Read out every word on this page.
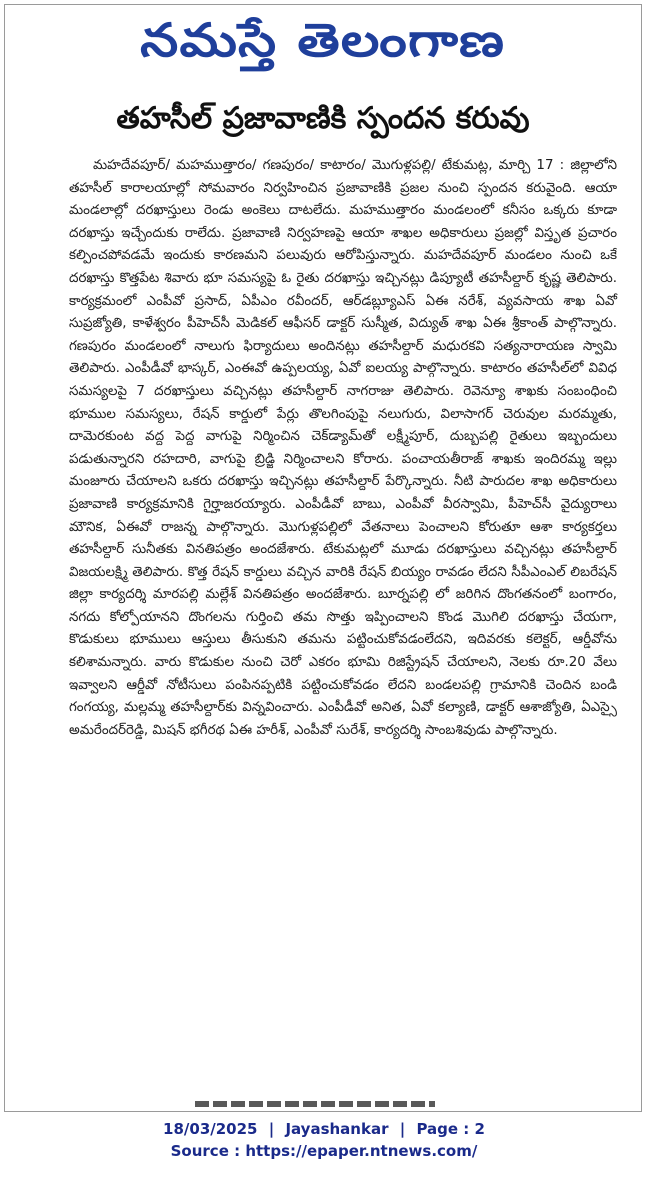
నమస్తే తెలంగాణ
తహసీల్ ప్రజావాణికి స్పందన కరువు

మహదేవపూర్/ మహముత్తారం/ గణపురం/ కాటారం/ మొగుళ్లపల్లి/ టేకుమట్ల, మార్చి 17 : జిల్లాలోని తహసీల్ కారాలయాల్లో సోమవారం నిర్వహించిన ప్రజావాణికి ప్రజల నుంచి స్పందన కరువైంది. ఆయా మండలాల్లో దరఖాస్తులు రెండు అంకెలు దాటలేదు. మహముత్తారం మండలంలో కనీసం ఒక్కరు కూడా దరఖాస్తు ఇచ్చేందుకు రాలేదు. ప్రజావాణి నిర్వహణపై ఆయా శాఖల అధికారులు ప్రజల్లో విస్తృత ప్రచారం కల్పించపోవడమే ఇందుకు కారణమని పలువురు ఆరోపిస్తున్నారు. మహదేవపూర్ మండలం నుంచి ఒకే దరఖాస్తు కొత్తపేట శివారు భూ సమస్యపై ఓ రైతు దరఖాస్తు ఇచ్చినట్లు డిప్యూటీ తహసీల్దార్ కృష్ణ తెలిపారు. కార్యక్రమంలో ఎంపీవో ప్రసాద్, ఏపీఎం రవీందర్, ఆర్‌డబ్ల్యూఎస్ ఏఈ నరేశ్, వ్యవసాయ శాఖ ఏవో సుప్రజ్యోతి, కాళేశ్వరం పీహెచ్‌సీ మెడికల్ ఆఫీసర్ డాక్టర్ సుస్మీత, విద్యుత్ శాఖ ఏఈ శ్రీకాంత్ పాల్గొన్నారు. గణపురం మండలంలో నాలుగు ఫిర్యాదులు అందినట్లు తహసీల్దార్ మధురకవి సత్యనారాయణ స్వామి తెలిపారు. ఎంపీడీవో భాస్కర్, ఎంఈవో ఉప్పలయ్య, ఏవో ఐలయ్య పాల్గొన్నారు. కాటారం తహసీల్‌లో వివిధ సమస్యలపై 7 దరఖాస్తులు వచ్చినట్లు తహసీల్దార్ నాగరాజు తెలిపారు. రెవెన్యూ శాఖకు సంబంధించి భూముల సమస్యలు, రేషన్ కార్డులో పేర్లు తొలగింపుపై నలుగురు, విలాసాగర్ చెరువుల మరమ్మతు, దామెరకుంట వద్ద పెద్ద వాగుపై నిర్మించిన చెక్‌డ్యామ్‌తో లక్ష్మీపూర్, దుబ్బపల్లి రైతులు ఇబ్బందులు పడుతున్నారని రహదారి, వాగుపై బ్రిడ్జి నిర్మించాలని కోరారు. పంచాయతీరాజ్ శాఖకు ఇందిరమ్మ ఇల్లు మంజూరు చేయాలని ఒకరు దరఖాస్తు ఇచ్చినట్లు తహసీల్దార్ పేర్కొన్నారు. నీటి పారుదల శాఖ అధికారులు ప్రజావాణి కార్యక్రమానికి గైర్హాజరయ్యారు. ఎంపీడీవో బాబు, ఎంపీవో వీరస్వామి, పీహెచ్‌సీ వైద్యురాలు మౌనిక, ఏఈవో రాజన్న పాల్గొన్నారు. మొగుళ్లపల్లిలో వేతనాలు పెంచాలని కోరుతూ ఆశా కార్యకర్తలు తహసీల్దార్ సునీతకు వినతిపత్రం అందజేశారు. టేకుమట్లలో మూడు దరఖాస్తులు వచ్చినట్లు తహసీల్దార్ విజయలక్ష్మి తెలిపారు. కొత్త రేషన్ కార్డులు వచ్చిన వారికి రేషన్ బియ్యం రావడం లేదని సీపీఎంఎల్ లిబరేషన్ జిల్లా కార్యదర్శి మారపల్లి మల్లేశ్ వినతిపత్రం అందజేశారు. బూర్నపల్లి లో జరిగిన దొంగతనంలో బంగారం, నగదు కోల్పోయానని దొంగలను గుర్తించి తమ సొత్తు ఇప్పించాలని కొండ మొగిలి దరఖాస్తు చేయగా, కొడుకులు భూములు ఆస్తులు తీసుకుని తమను పట్టించుకోవడంలేదని, ఇదివరకు కలెక్టర్, ఆర్డీవోను కలిశామన్నారు. వారు కొడుకుల నుంచి చెరో ఎకరం భూమి రిజిస్ట్రేషన్ చేయాలని, నెలకు రూ.20 వేలు ఇవ్వాలని ఆర్డీవో నోటీసులు పంపినప్పటికి పట్టించుకోవడం లేదని బండలపల్లి గ్రామానికి చెందిన బండి గంగయ్య, మల్లమ్మ తహసీల్దార్‌కు విన్నవించారు. ఎంపీడీవో అనిత, ఏవో కల్యాణి, డాక్టర్ ఆశాజ్యోతి, ఏఎస్సై అమరేందర్‌రెడ్డి, మిషన్ భగీరథ ఏఈ హరీశ్, ఎంపీవో సురేశ్, కార్యదర్శి సాంబశివుడు పాల్గొన్నారు.

18/03/2025 | Jayashankar | Page : 2
Source : https://epaper.ntnews.com/
